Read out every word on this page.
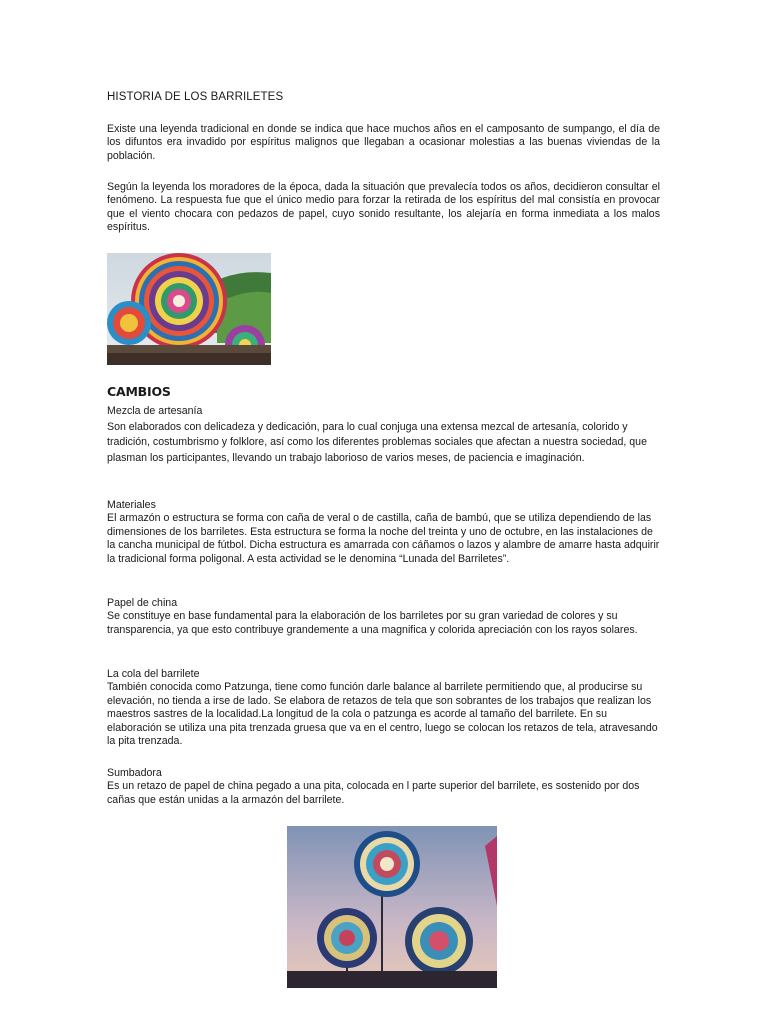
HISTORIA DE LOS BARRILETES

Existe una leyenda tradicional en donde se indica que hace muchos años en el camposanto de sumpango, el día de los difuntos era invadido por espíritus malignos que llegaban a ocasionar molestias a las buenas viviendas de la población.

Según la leyenda los moradores de la época, dada la situación que prevalecía todos os años, decidieron consultar el fenómeno. La respuesta fue que el único medio para forzar la retirada de los espíritus del mal consistía en provocar que el viento chocara con pedazos de papel, cuyo sonido resultante, los alejaría en forma inmediata a los malos espíritus.

CAMBIOS

Mezcla de artesanía

Son elaborados con delicadeza y dedicación, para lo cual conjuga una extensa mezcal de artesanía, colorido y tradición, costumbrismo y folklore, así como los diferentes problemas sociales que afectan a nuestra sociedad, que plasman los participantes, llevando un trabajo laborioso de varios meses, de paciencia e imaginación.

Materiales

El armazón o estructura se forma con caña de veral o de castilla, caña de bambú, que se utiliza dependiendo de las dimensiones de los barriletes. Esta estructura se forma la noche del treinta y uno de octubre, en las instalaciones de la cancha municipal de fútbol. Dicha estructura es amarrada con cáñamos o lazos y alambre de amarre hasta adquirir la tradicional forma poligonal. A esta actividad se le denomina “Lunada del Barriletes”.

Papel de china

Se constituye en base fundamental para la elaboración de los barriletes por su gran variedad de colores y su transparencia, ya que esto contribuye grandemente a una magnifica y colorida apreciación con los rayos solares.

La cola del barrilete

También conocida como Patzunga, tiene como función darle balance al barrilete permitiendo que, al producirse su elevación, no tienda a irse de lado. Se elabora de retazos de tela que son sobrantes de los trabajos que realizan los maestros sastres de la localidad.La longitud de la cola o patzunga es acorde al tamaño del barrilete. En su elaboración se utiliza una pita trenzada gruesa que va en el centro, luego se colocan los retazos de tela, atravesando la pita trenzada.

Sumbadora

Es un retazo de papel de china pegado a una pita, colocada en l parte superior del barrilete, es sostenido por dos cañas que están unidas a la armazón del barrilete.
